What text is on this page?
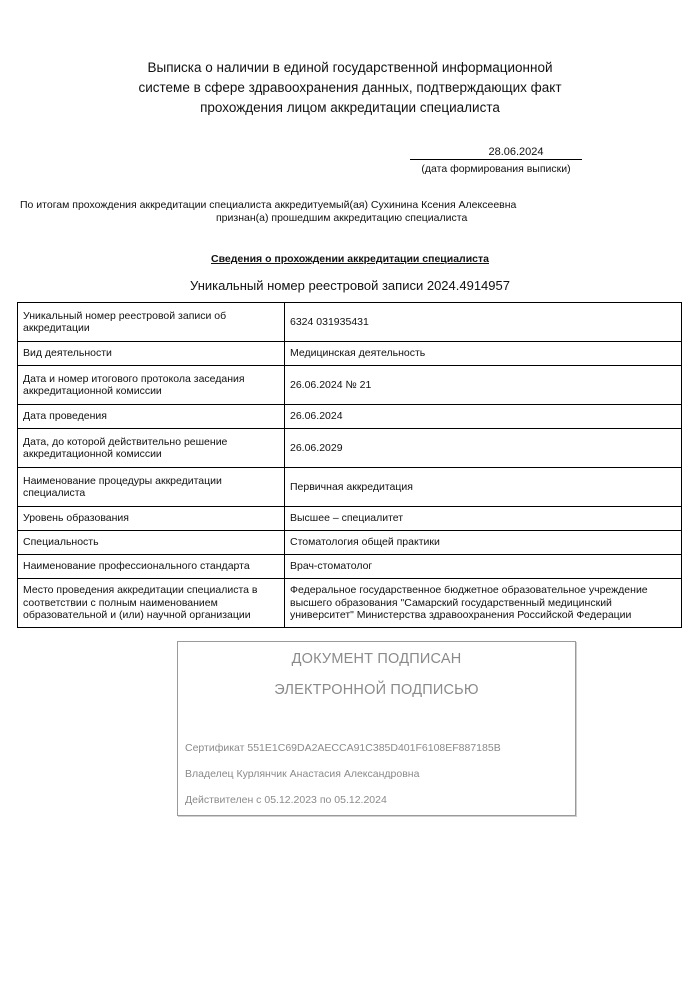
Выписка о наличии в единой государственной информационной
системе в сфере здравоохранения данных, подтверждающих факт
прохождения лицом аккредитации специалиста
28.06.2024
(дата формирования выписки)
По итогам прохождения аккредитации специалиста аккредитуемый(ая) Сухинина Ксения Алексеевна
признан(а) прошедшим аккредитацию специалиста
Сведения о прохождении аккредитации специалиста
Уникальный номер реестровой записи 2024.4914957
Уникальный номер реестровой записи об аккредитации	6324 031935431
Вид деятельности	Медицинская деятельность
Дата и номер итогового протокола заседания аккредитационной комиссии	26.06.2024 № 21
Дата проведения	26.06.2024
Дата, до которой действительно решение аккредитационной комиссии	26.06.2029
Наименование процедуры аккредитации специалиста	Первичная аккредитация
Уровень образования	Высшее – специалитет
Специальность	Стоматология общей практики
Наименование профессионального стандарта	Врач-стоматолог
Место проведения аккредитации специалиста в соответствии с полным наименованием образовательной и (или) научной организации	Федеральное государственное бюджетное образовательное учреждение высшего образования "Самарский государственный медицинский университет" Министерства здравоохранения Российской Федерации
ДОКУМЕНТ ПОДПИСАН
ЭЛЕКТРОННОЙ ПОДПИСЬЮ
Сертификат 551E1C69DA2AECCA91C385D401F6108EF887185B
Владелец Курлянчик Анастасия Александровна
Действителен с 05.12.2023 по 05.12.2024
